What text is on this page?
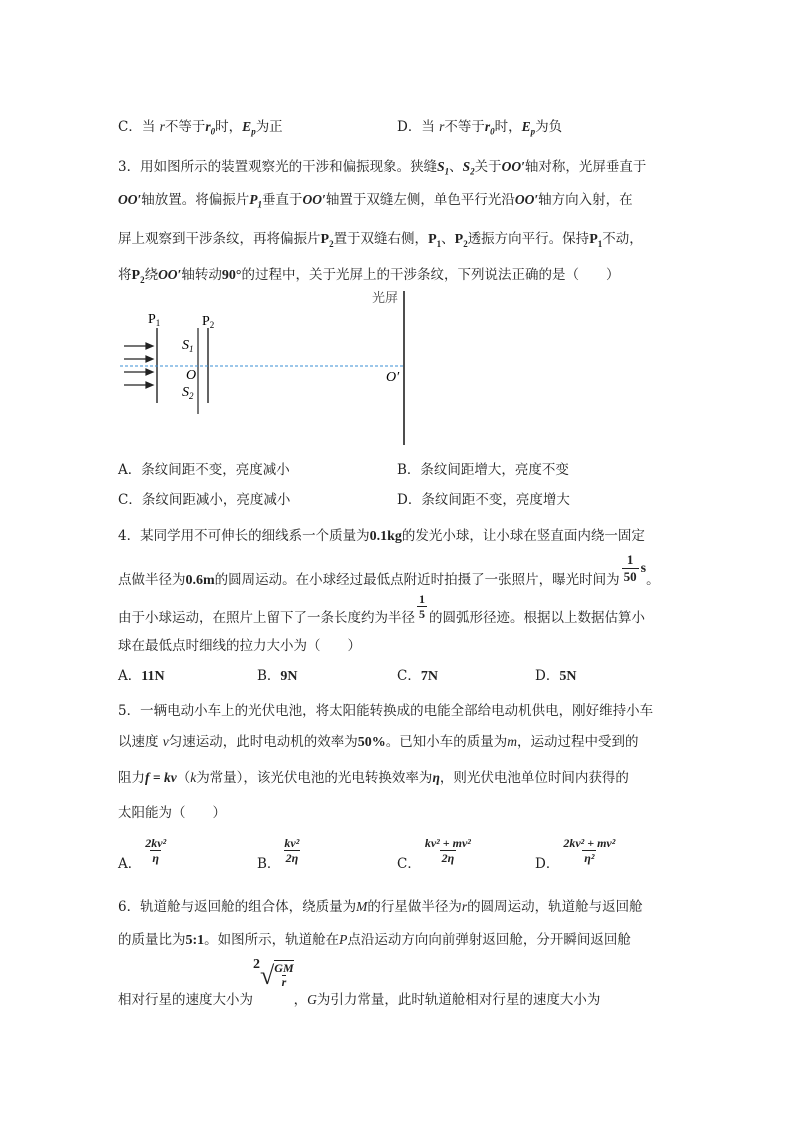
C．当 r不等于$r_0$时，$E_p$为正	D．当 r不等于$r_0$时，$E_p$为负
3．用如图所示的装置观察光的干涉和偏振现象。狭缝$S_1$、$S_2$关于OO′轴对称，光屏垂直于
OO′轴放置。将偏振片$P_1$垂直于OO′轴置于双缝左侧，单色平行光沿OO′轴方向入射，在
屏上观察到干涉条纹，再将偏振片$P_2$置于双缝右侧，$P_1$、$P_2$透振方向平行。保持$P_1$不动，
将$P_2$绕OO′轴转动90°的过程中，关于光屏上的干涉条纹，下列说法正确的是（　　）
光屏
$P_1$	$P_2$
$S_1$
O
$S_2$
O′
A．条纹间距不变，亮度减小	B．条纹间距增大，亮度不变
C．条纹间距减小，亮度减小	D．条纹间距不变，亮度增大
4．某同学用不可伸长的细线系一个质量为0.1kg的发光小球，让小球在竖直面内绕一固定
点做半径为0.6m的圆周运动。在小球经过最低点附近时拍摄了一张照片，曝光时间为 $\frac{1}{50}$ s。
由于小球运动，在照片上留下了一条长度约为半径 $\frac{1}{5}$ 的圆弧形径迹。根据以上数据估算小
球在最低点时细线的拉力大小为（　　）
A．11N	B．9N	C．7N	D．5N
5．一辆电动小车上的光伏电池，将太阳能转换成的电能全部给电动机供电，刚好维持小车
以速度 v匀速运动，此时电动机的效率为50%。已知小车的质量为m，运动过程中受到的
阻力f = kv（k为常量），该光伏电池的光电转换效率为η，则光伏电池单位时间内获得的
太阳能为（　　）
A． $\frac{\text{2kv²}}{\eta}$	B． $\frac{\text{kv²}}{2\eta}$	C． $\frac{\text{kv² + mv²}}{2\eta}$	D． $\frac{\text{2kv² + mv²}}{\text{η²}}$
6．轨道舱与返回舱的组合体，绕质量为M的行星做半径为r的圆周运动，轨道舱与返回舱
的质量比为5:1。如图所示，轨道舱在P点沿运动方向向前弹射返回舱，分开瞬间返回舱
相对行星的速度大小为
2 √ GM
r
，G为引力常量，此时轨道舱相对行星的速度大小为
